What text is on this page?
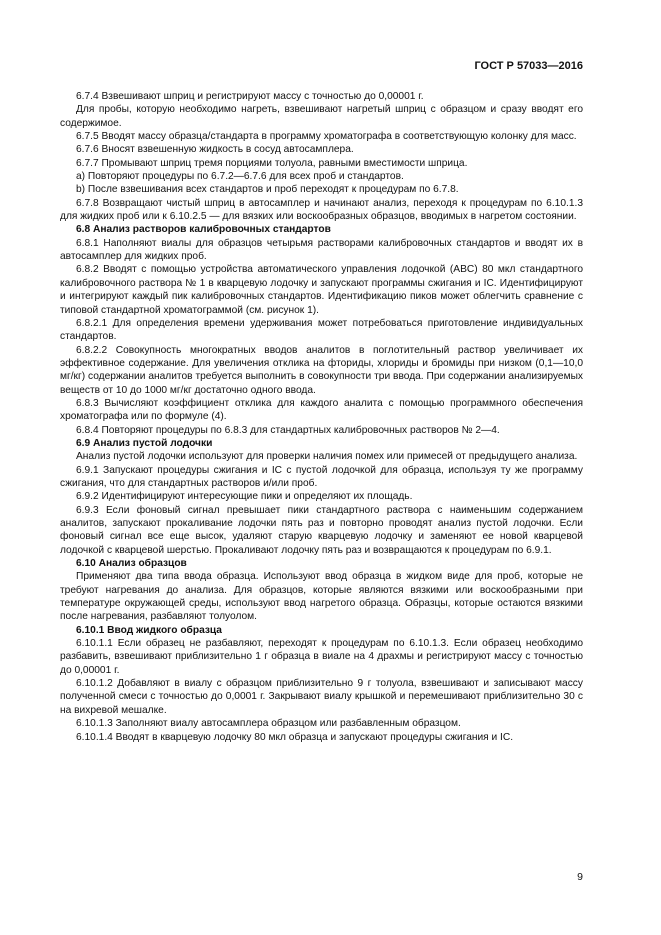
ГОСТ Р 57033—2016

6.7.4 Взвешивают шприц и регистрируют массу с точностью до 0,00001 г.

Для пробы, которую необходимо нагреть, взвешивают нагретый шприц с образцом и сразу вводят его содержимое.

6.7.5 Вводят массу образца/стандарта в программу хроматографа в соответствующую колонку для масс.

6.7.6 Вносят взвешенную жидкость в сосуд автосамплера.

6.7.7 Промывают шприц тремя порциями толуола, равными вместимости шприца.

а) Повторяют процедуры по 6.7.2—6.7.6 для всех проб и стандартов.

b) После взвешивания всех стандартов и проб переходят к процедурам по 6.7.8.

6.7.8 Возвращают чистый шприц в автосамплер и начинают анализ, переходя к процедурам по 6.10.1.3 для жидких проб или к 6.10.2.5 — для вязких или воскообразных образцов, вводимых в нагретом состоянии.

6.8 Анализ растворов калибровочных стандартов

6.8.1 Наполняют виалы для образцов четырьмя растворами калибровочных стандартов и вводят их в автосамплер для жидких проб.

6.8.2 Вводят с помощью устройства автоматического управления лодочкой (ABC) 80 мкл стандартного калибровочного раствора № 1 в кварцевую лодочку и запускают программы сжигания и IC. Идентифицируют и интегрируют каждый пик калибровочных стандартов. Идентификацию пиков может облегчить сравнение с типовой стандартной хроматограммой (см. рисунок 1).

6.8.2.1 Для определения времени удерживания может потребоваться приготовление индивидуальных стандартов.

6.8.2.2 Совокупность многократных вводов аналитов в поглотительный раствор увеличивает их эффективное содержание. Для увеличения отклика на фториды, хлориды и бромиды при низком (0,1—10,0 мг/кг) содержании аналитов требуется выполнить в совокупности три ввода. При содержании анализируемых веществ от 10 до 1000 мг/кг достаточно одного ввода.

6.8.3 Вычисляют коэффициент отклика для каждого аналита с помощью программного обеспечения хроматографа или по формуле (4).

6.8.4 Повторяют процедуры по 6.8.3 для стандартных калибровочных растворов № 2—4.

6.9 Анализ пустой лодочки

Анализ пустой лодочки используют для проверки наличия помех или примесей от предыдущего анализа.

6.9.1 Запускают процедуры сжигания и IC с пустой лодочкой для образца, используя ту же программу сжигания, что для стандартных растворов и/или проб.

6.9.2 Идентифицируют интересующие пики и определяют их площадь.

6.9.3 Если фоновый сигнал превышает пики стандартного раствора с наименьшим содержанием аналитов, запускают прокаливание лодочки пять раз и повторно проводят анализ пустой лодочки. Если фоновый сигнал все еще высок, удаляют старую кварцевую лодочку и заменяют ее новой кварцевой лодочкой с кварцевой шерстью. Прокаливают лодочку пять раз и возвращаются к процедурам по 6.9.1.

6.10 Анализ образцов

Применяют два типа ввода образца. Используют ввод образца в жидком виде для проб, которые не требуют нагревания до анализа. Для образцов, которые являются вязкими или воскообразными при температуре окружающей среды, используют ввод нагретого образца. Образцы, которые остаются вязкими после нагревания, разбавляют толуолом.

6.10.1 Ввод жидкого образца

6.10.1.1 Если образец не разбавляют, переходят к процедурам по 6.10.1.3. Если образец необходимо разбавить, взвешивают приблизительно 1 г образца в виале на 4 драхмы и регистрируют массу с точностью до 0,00001 г.

6.10.1.2 Добавляют в виалу с образцом приблизительно 9 г толуола, взвешивают и записывают массу полученной смеси с точностью до 0,0001 г. Закрывают виалу крышкой и перемешивают приблизительно 30 с на вихревой мешалке.

6.10.1.3 Заполняют виалу автосамплера образцом или разбавленным образцом.

6.10.1.4 Вводят в кварцевую лодочку 80 мкл образца и запускают процедуры сжигания и IC.

9
